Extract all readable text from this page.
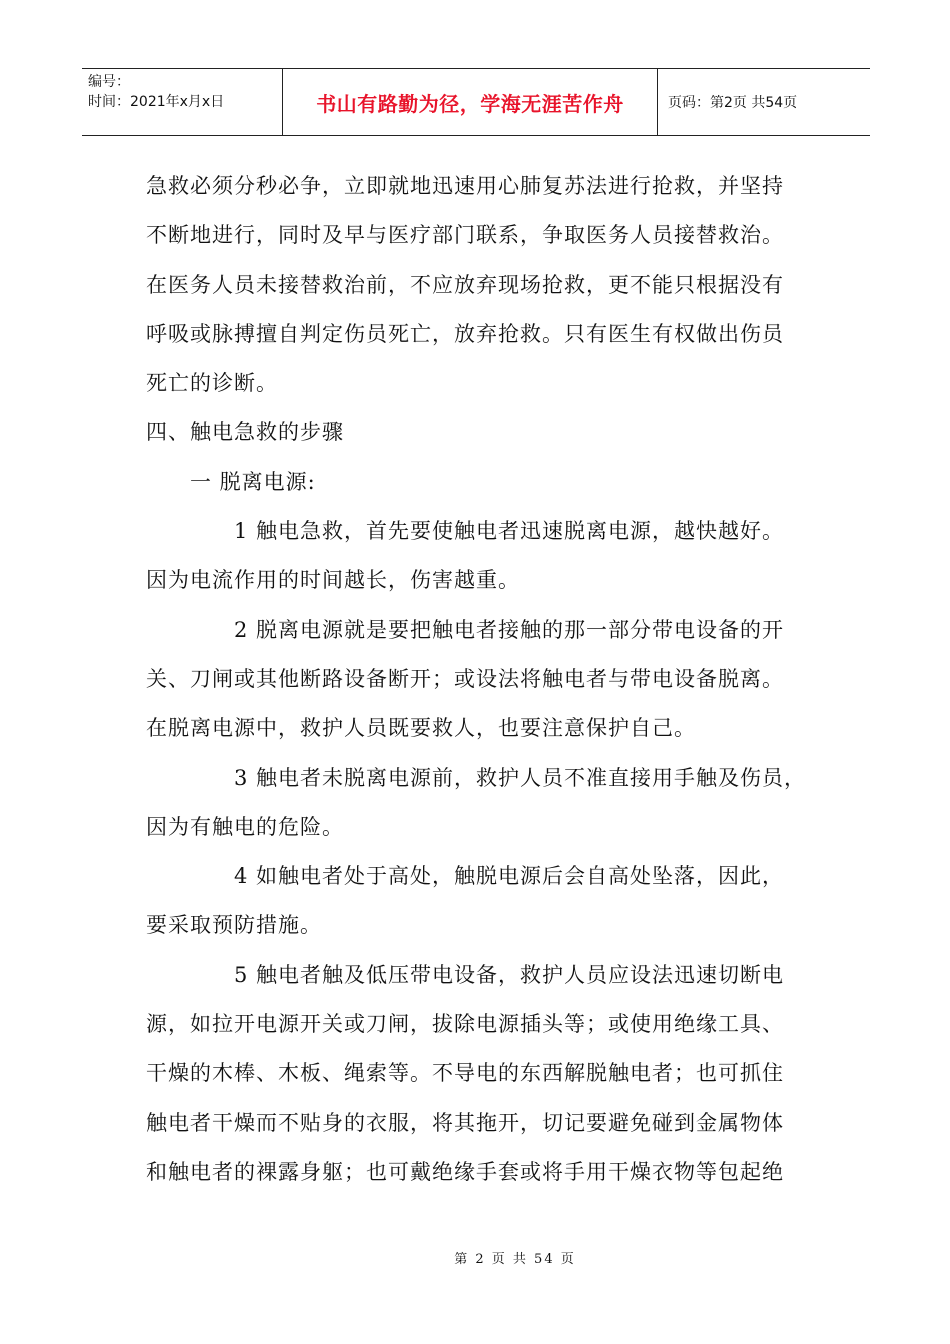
编号：
时间：2021年x月x日	书山有路勤为径，学海无涯苦作舟	页码：第2页 共54页
急救必须分秒必争，立即就地迅速用心肺复苏法进行抢救，并坚持
不断地进行，同时及早与医疗部门联系，争取医务人员接替救治。
在医务人员未接替救治前，不应放弃现场抢救，更不能只根据没有
呼吸或脉搏擅自判定伤员死亡，放弃抢救。只有医生有权做出伤员
死亡的诊断。
四、触电急救的步骤
一 脱离电源:
1 触电急救，首先要使触电者迅速脱离电源，越快越好。
因为电流作用的时间越长，伤害越重。
2 脱离电源就是要把触电者接触的那一部分带电设备的开
关、刀闸或其他断路设备断开；或设法将触电者与带电设备脱离。
在脱离电源中，救护人员既要救人，也要注意保护自己。
3 触电者未脱离电源前，救护人员不准直接用手触及伤员，
因为有触电的危险。
4 如触电者处于高处，触脱电源后会自高处坠落，因此，
要采取预防措施。
5 触电者触及低压带电设备，救护人员应设法迅速切断电
源，如拉开电源开关或刀闸，拔除电源插头等；或使用绝缘工具、
干燥的木棒、木板、绳索等。不导电的东西解脱触电者；也可抓住
触电者干燥而不贴身的衣服，将其拖开，切记要避免碰到金属物体
和触电者的裸露身躯；也可戴绝缘手套或将手用干燥衣物等包起绝
第 2 页 共 54 页
